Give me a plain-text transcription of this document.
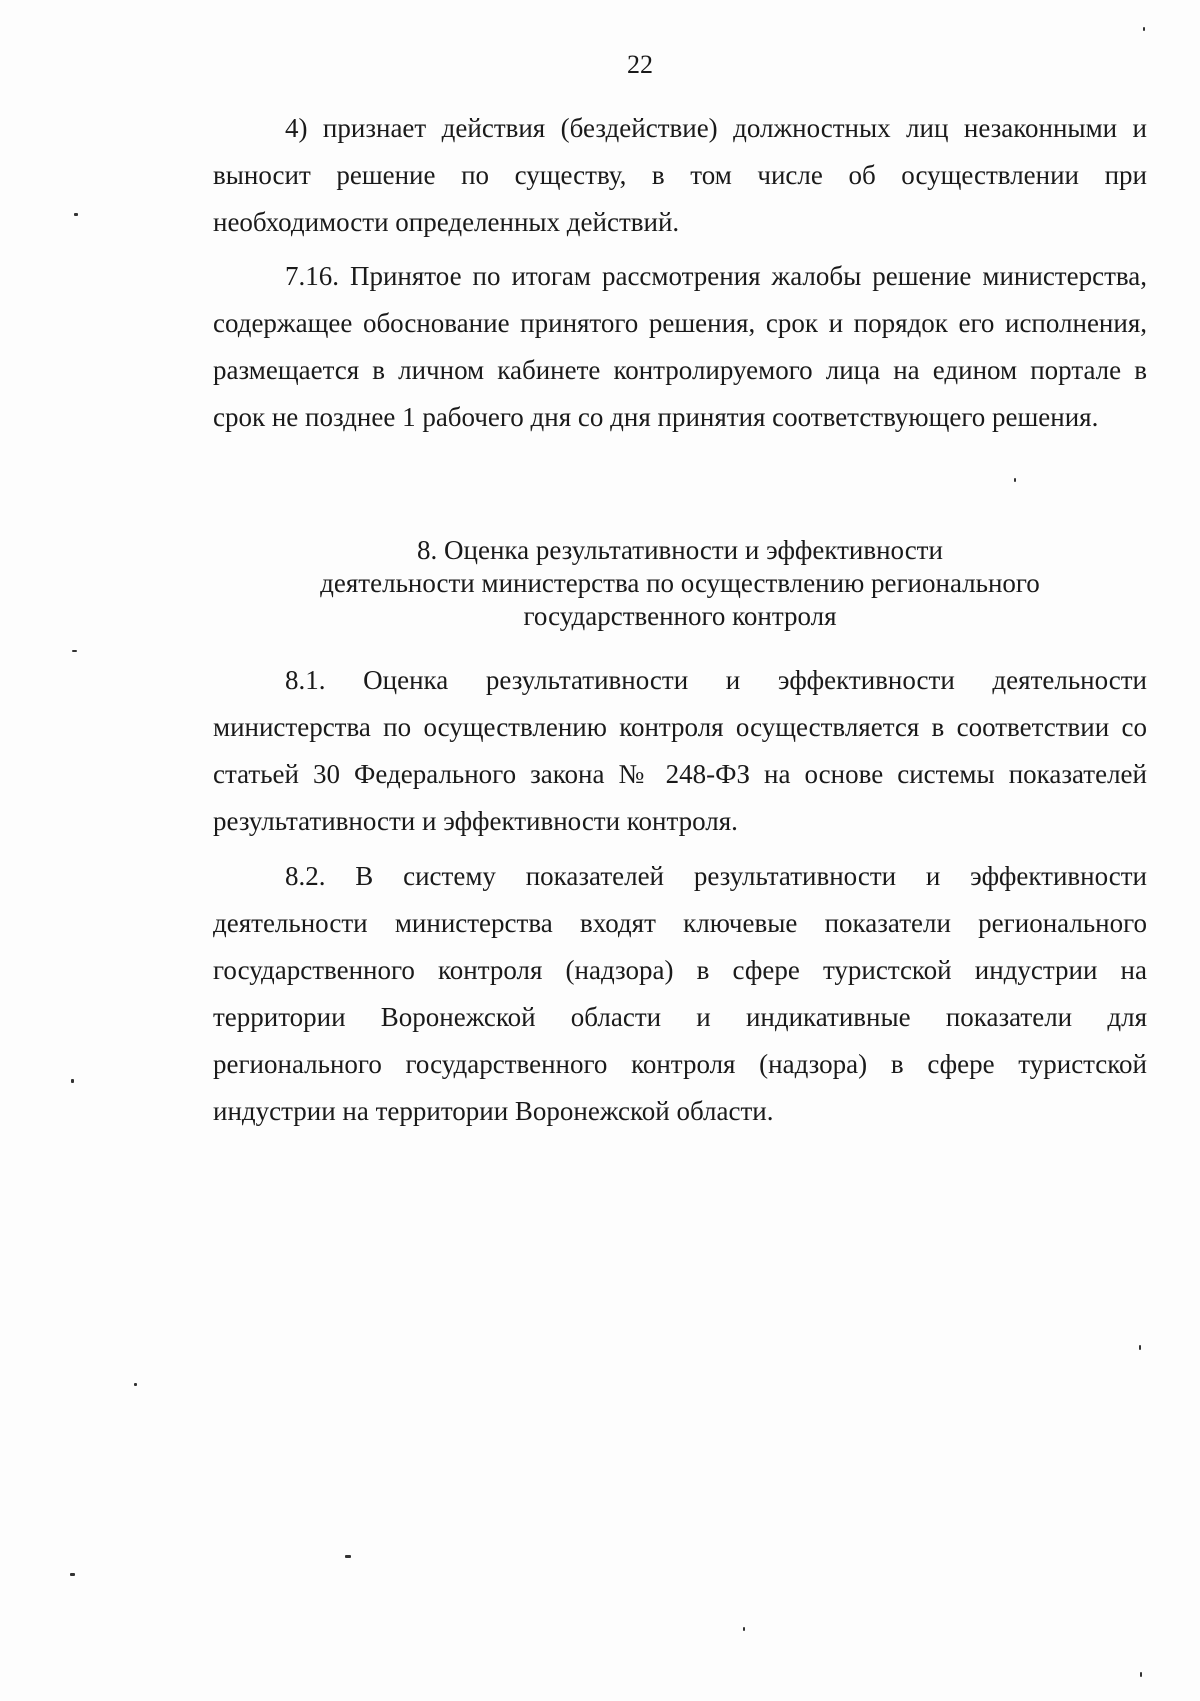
22

4) признает действия (бездействие) должностных лиц незаконными и выносит решение по существу, в том числе об осуществлении при необходимости определенных действий.

7.16. Принятое по итогам рассмотрения жалобы решение министерства, содержащее обоснование принятого решения, срок и порядок его исполнения, размещается в личном кабинете контролируемого лица на едином портале в срок не позднее 1 рабочего дня со дня принятия соответствующего решения.

8. Оценка результативности и эффективности
деятельности министерства по осуществлению регионального
государственного контроля

8.1. Оценка результативности и эффективности деятельности министерства по осуществлению контроля осуществляется в соответствии со статьей 30 Федерального закона № 248-ФЗ на основе системы показателей результативности и эффективности контроля.

8.2. В систему показателей результативности и эффективности деятельности министерства входят ключевые показатели регионального государственного контроля (надзора) в сфере туристской индустрии на территории Воронежской области и индикативные показатели для регионального государственного контроля (надзора) в сфере туристской индустрии на территории Воронежской области.
